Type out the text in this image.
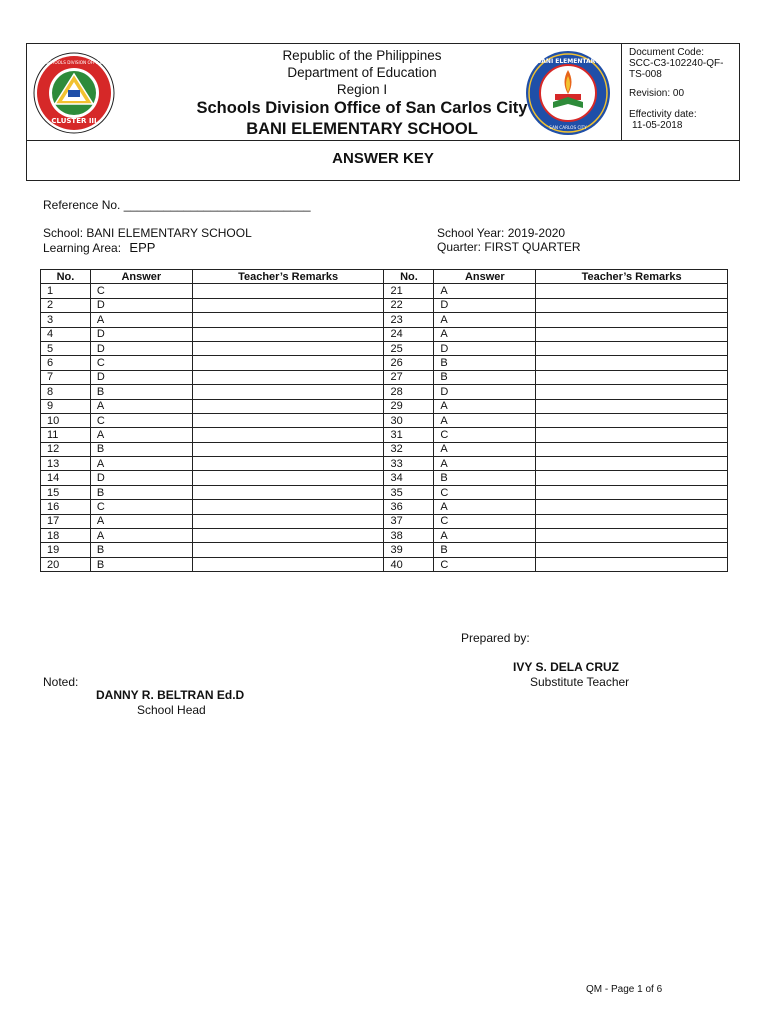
CLUSTER III
SCHOOLS DIVISION OFFICE	Republic of the Philippines
Department of Education
Region I
Schools Division Office of San Carlos City
BANI ELEMENTARY SCHOOL
BANI ELEMENTARY
SAN CARLOS CITY
Document Code:
SCC-C3-102240-QF-
TS-008
Revision: 00
Effectivity date:
11-05-2018
ANSWER KEY
Reference No. ____________________________
School: BANI ELEMENTARY SCHOOL	School Year: 2019-2020
Learning Area: EPP	Quarter: FIRST QUARTER
No.	Answer	Teacher’s Remarks	No.	Answer	Teacher’s Remarks
1	C		21	A	
2	D		22	D	
3	A		23	A	
4	D		24	A	
5	D		25	D	
6	C		26	B	
7	D		27	B	
8	B		28	D	
9	A		29	A	
10	C		30	A	
11	A		31	C	
12	B		32	A	
13	A		33	A	
14	D		34	B	
15	B		35	C	
16	C		36	A	
17	A		37	C	
18	A		38	A	
19	B		39	B	
20	B		40	C	
Prepared by:
IVY S. DELA CRUZ
Substitute Teacher
Noted:
DANNY R. BELTRAN Ed.D
School Head
QM - Page 1 of 6
